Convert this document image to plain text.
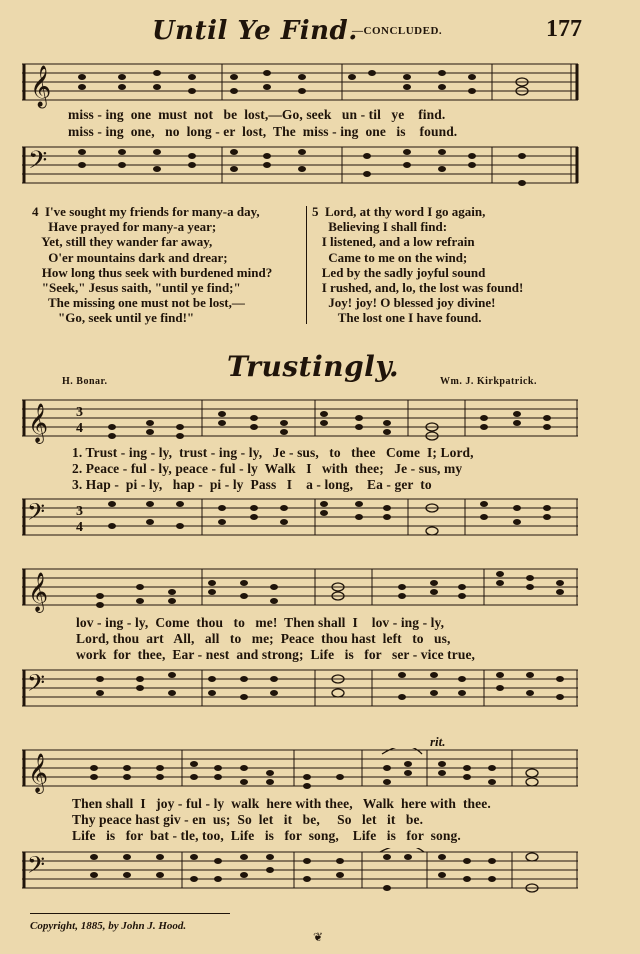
Until Ye Find.
—CONCLUDED.	177
𝄞
miss - ing  one  must  not   be  lost,—Go, seek   un - til   ye    find.
miss - ing  one,   no  long - er  lost,  The  miss - ing  one   is    found.
𝄢
4  I've sought my friends for many-a day,
Have prayed for many-a year;
Yet, still they wander far away,
O'er mountains dark and drear;
How long thus seek with burdened mind?
"Seek," Jesus saith, "until ye find;"
The missing one must not be lost,—
"Go, seek until ye find!"
5  Lord, at thy word I go again,
Believing I shall find:
I listened, and a low refrain
Came to me on the wind;
Led by the sadly joyful sound
I rushed, and, lo, the lost was found!
Joy! joy! O blessed joy divine!
The lost one I have found.
Trustingly.
H. Bonar.	Wm. J. Kirkpatrick.
𝄞 3
4
1. Trust - ing - ly,  trust - ing - ly,   Je - sus,   to   thee   Come  I; Lord,
2. Peace - ful - ly, peace - ful - ly  Walk   I   with  thee;   Je - sus, my
3. Hap -  pi - ly,   hap -  pi - ly  Pass   I    a - long,    Ea - ger  to
𝄢 3
4
𝄞
lov - ing - ly,  Come  thou   to   me!  Then shall  I    lov - ing - ly,
Lord, thou  art   All,   all   to   me;  Peace  thou hast  left   to   us,
work  for  thee,  Ear - nest  and strong;  Life   is   for   ser - vice true,
𝄢
rit.
𝄞
Then shall  I   joy - ful - ly  walk  here with thee,   Walk  here with  thee.
Thy peace hast giv - en  us;  So  let   it   be,     So   let   it   be.
Life   is   for  bat - tle, too,  Life   is   for  song,    Life   is   for  song.
𝄢
Copyright, 1885, by John J. Hood.
❦
